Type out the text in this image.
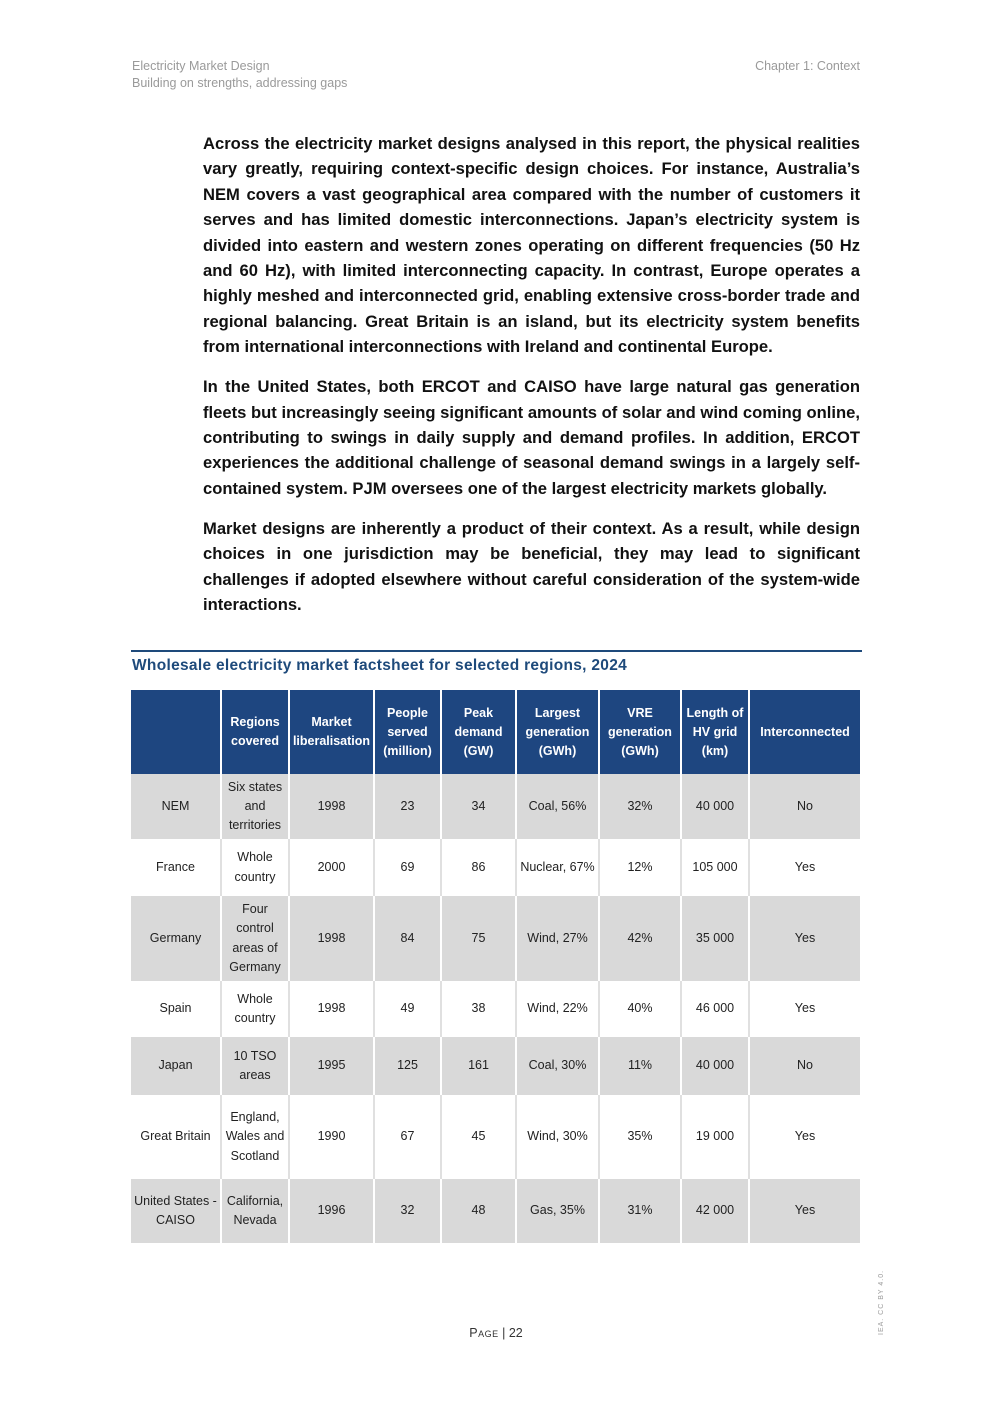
Electricity Market Design
Building on strengths, addressing gaps
Chapter 1: Context

Across the electricity market designs analysed in this report, the physical realities vary greatly, requiring context-specific design choices. For instance, Australia’s NEM covers a vast geographical area compared with the number of customers it serves and has limited domestic interconnections. Japan’s electricity system is divided into eastern and western zones operating on different frequencies (50 Hz and 60 Hz), with limited interconnecting capacity. In contrast, Europe operates a highly meshed and interconnected grid, enabling extensive cross-border trade and regional balancing. Great Britain is an island, but its electricity system benefits from international interconnections with Ireland and continental Europe.

In the United States, both ERCOT and CAISO have large natural gas generation fleets but increasingly seeing significant amounts of solar and wind coming online, contributing to swings in daily supply and demand profiles. In addition, ERCOT experiences the additional challenge of seasonal demand swings in a largely self-contained system. PJM oversees one of the largest electricity markets globally.

Market designs are inherently a product of their context. As a result, while design choices in one jurisdiction may be beneficial, they may lead to significant challenges if adopted elsewhere without careful consideration of the system-wide interactions.

Wholesale electricity market factsheet for selected regions, 2024
	Regions covered	Market liberalisation	People served (million)	Peak demand (GW)	Largest generation (GWh)	VRE generation (GWh)	Length of HV grid (km)	Interconnected
NEM	Six states and territories	1998	23	34	Coal, 56%	32%	40 000	No
France	Whole country	2000	69	86	Nuclear, 67%	12%	105 000	Yes
Germany	Four control areas of Germany	1998	84	75	Wind, 27%	42%	35 000	Yes
Spain	Whole country	1998	49	38	Wind, 22%	40%	46 000	Yes
Japan	10 TSO areas	1995	125	161	Coal, 30%	11%	40 000	No
Great Britain	England, Wales and Scotland	1990	67	45	Wind, 30%	35%	19 000	Yes
United States - CAISO	California, Nevada	1996	32	48	Gas, 35%	31%	42 000	Yes
Page | 22	IEA. CC BY 4.0.
